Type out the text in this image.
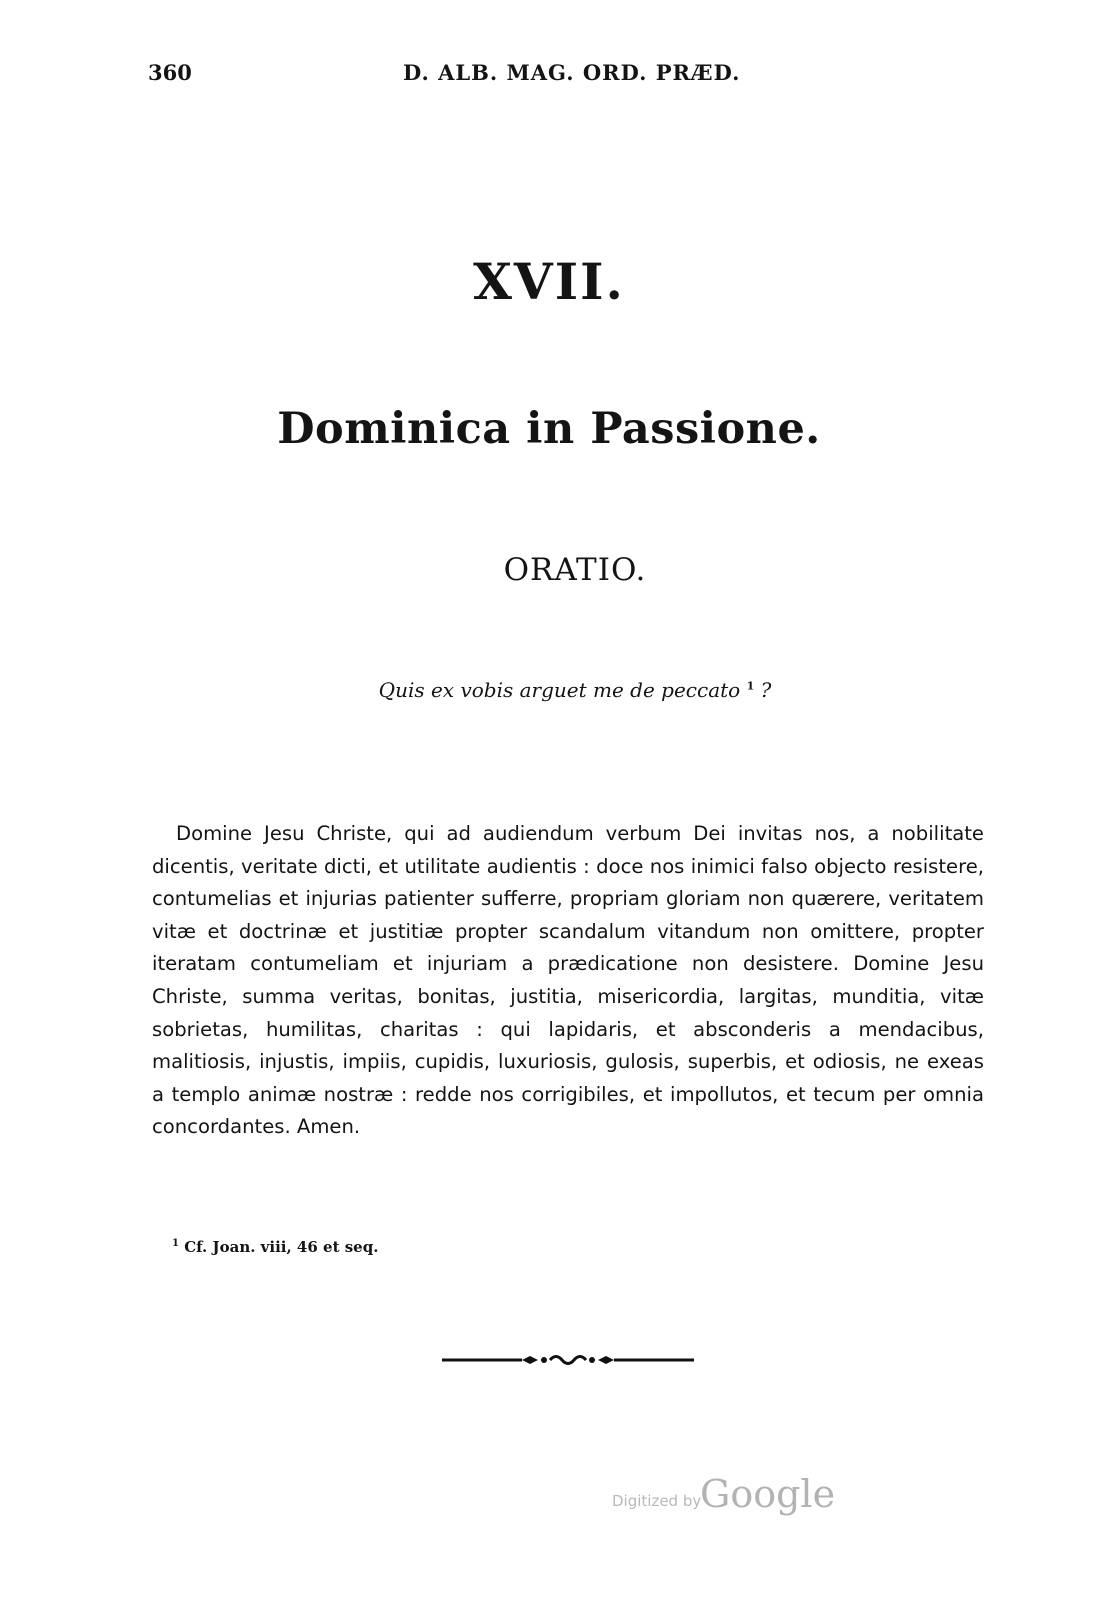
360	D. ALB. MAG. ORD. PRÆD.
XVII.
Dominica in Passione.
ORATIO.
Quis ex vobis arguet me de peccato $^1$ ?

Domine Jesu Christe, qui ad audiendum verbum Dei invitas nos, a nobilitate dicentis, veritate dicti, et utilitate audientis : doce nos inimici falso objecto resistere, contumelias et injurias patienter sufferre, propriam gloriam non quærere, veritatem vitæ et doctrinæ et justitiæ propter scandalum vitandum non omittere, propter iteratam contumeliam et injuriam a prædicatione non desistere. Domine Jesu Christe, summa veritas, bonitas, justitia, misericordia, largitas, munditia, vitæ sobrietas, humilitas, charitas : qui lapidaris, et absconderis a mendacibus, malitiosis, injustis, impiis, cupidis, luxuriosis, gulosis, superbis, et odiosis, ne exeas a templo animæ nostræ : redde nos corrigibiles, et impollutos, et tecum per omnia concordantes. Amen.

$^1$ Cf. Joan. viii, 46 et seq.
Digitized by
Google
